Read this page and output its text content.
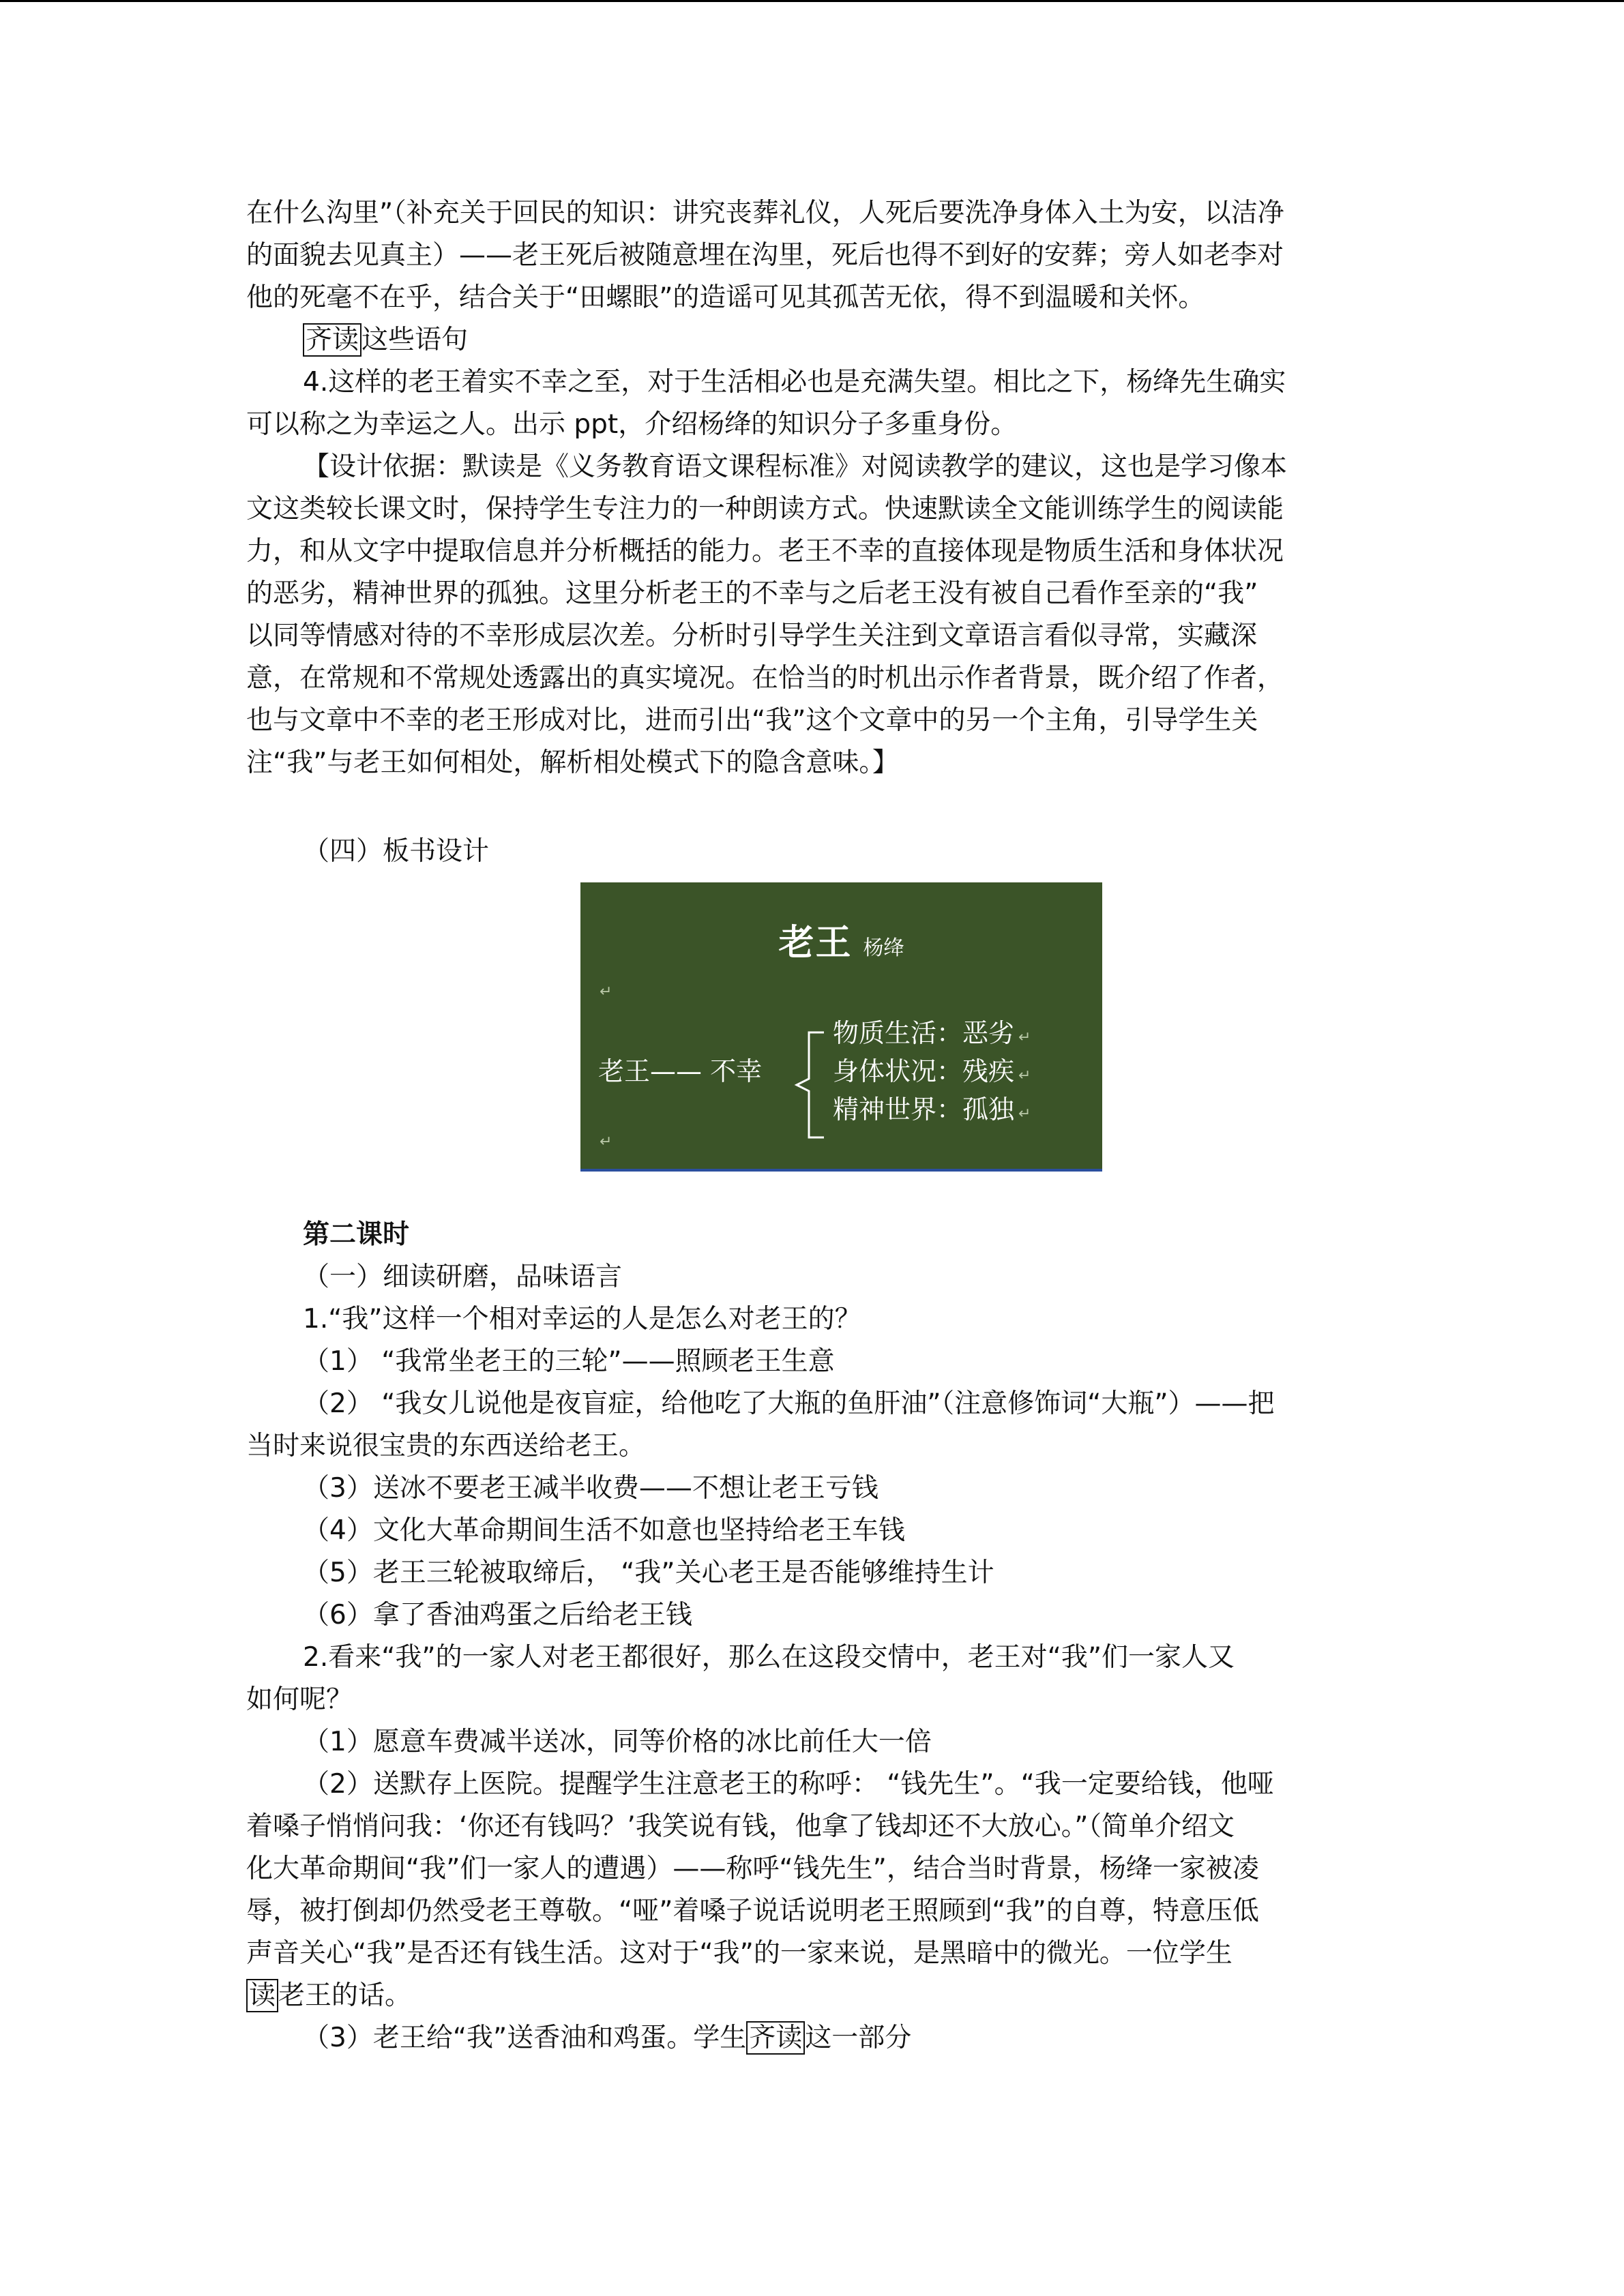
在什么沟里”（补充关于回民的知识：讲究丧葬礼仪，人死后要洗净身体入土为安，以洁净

的面貌去见真主）——老王死后被随意埋在沟里，死后也得不到好的安葬；旁人如老李对

他的死毫不在乎，结合关于“田螺眼”的造谣可见其孤苦无依，得不到温暖和关怀。

齐读 这些语句

4.这样的老王着实不幸之至，对于生活相必也是充满失望。相比之下，杨绛先生确实

可以称之为幸运之人。出示 ppt，介绍杨绛的知识分子多重身份。

【设计依据：默读是《义务教育语文课程标准》对阅读教学的建议，这也是学习像本

文这类较长课文时，保持学生专注力的一种朗读方式。快速默读全文能训练学生的阅读能

力，和从文字中提取信息并分析概括的能力。老王不幸的直接体现是物质生活和身体状况

的恶劣，精神世界的孤独。这里分析老王的不幸与之后老王没有被自己看作至亲的“我”

以同等情感对待的不幸形成层次差。分析时引导学生关注到文章语言看似寻常，实藏深

意，在常规和不常规处透露出的真实境况。在恰当的时机出示作者背景，既介绍了作者，

也与文章中不幸的老王形成对比，进而引出“我”这个文章中的另一个主角，引导学生关

注“我”与老王如何相处，解析相处模式下的隐含意味。】

（四）板书设计

老王 杨绛
↵
老王—— 不幸
物质生活：恶劣 ↵
身体状况：残疾 ↵
精神世界：孤独 ↵
↵

第二课时

（一）细读研磨，品味语言

1.“我”这样一个相对幸运的人是怎么对老王的？

（1） “我常坐老王的三轮”——照顾老王生意

（2） “我女儿说他是夜盲症，给他吃了大瓶的鱼肝油”（注意修饰词“大瓶”）——把

当时来说很宝贵的东西送给老王。

（3）送冰不要老王减半收费——不想让老王亏钱

（4）文化大革命期间生活不如意也坚持给老王车钱

（5）老王三轮被取缔后， “我”关心老王是否能够维持生计

（6）拿了香油鸡蛋之后给老王钱

2.看来“我”的一家人对老王都很好，那么在这段交情中，老王对“我”们一家人又

如何呢？

（1）愿意车费减半送冰，同等价格的冰比前任大一倍

（2）送默存上医院。提醒学生注意老王的称呼： “钱先生”。“我一定要给钱，他哑

着嗓子悄悄问我：‘你还有钱吗？’我笑说有钱，他拿了钱却还不大放心。”（简单介绍文

化大革命期间“我”们一家人的遭遇）——称呼“钱先生”，结合当时背景，杨绛一家被凌

辱，被打倒却仍然受老王尊敬。“哑”着嗓子说话说明老王照顾到“我”的自尊，特意压低

声音关心“我”是否还有钱生活。这对于“我”的一家来说，是黑暗中的微光。一位学生

读 老王的话。

（3）老王给“我”送香油和鸡蛋。学生 齐读 这一部分
